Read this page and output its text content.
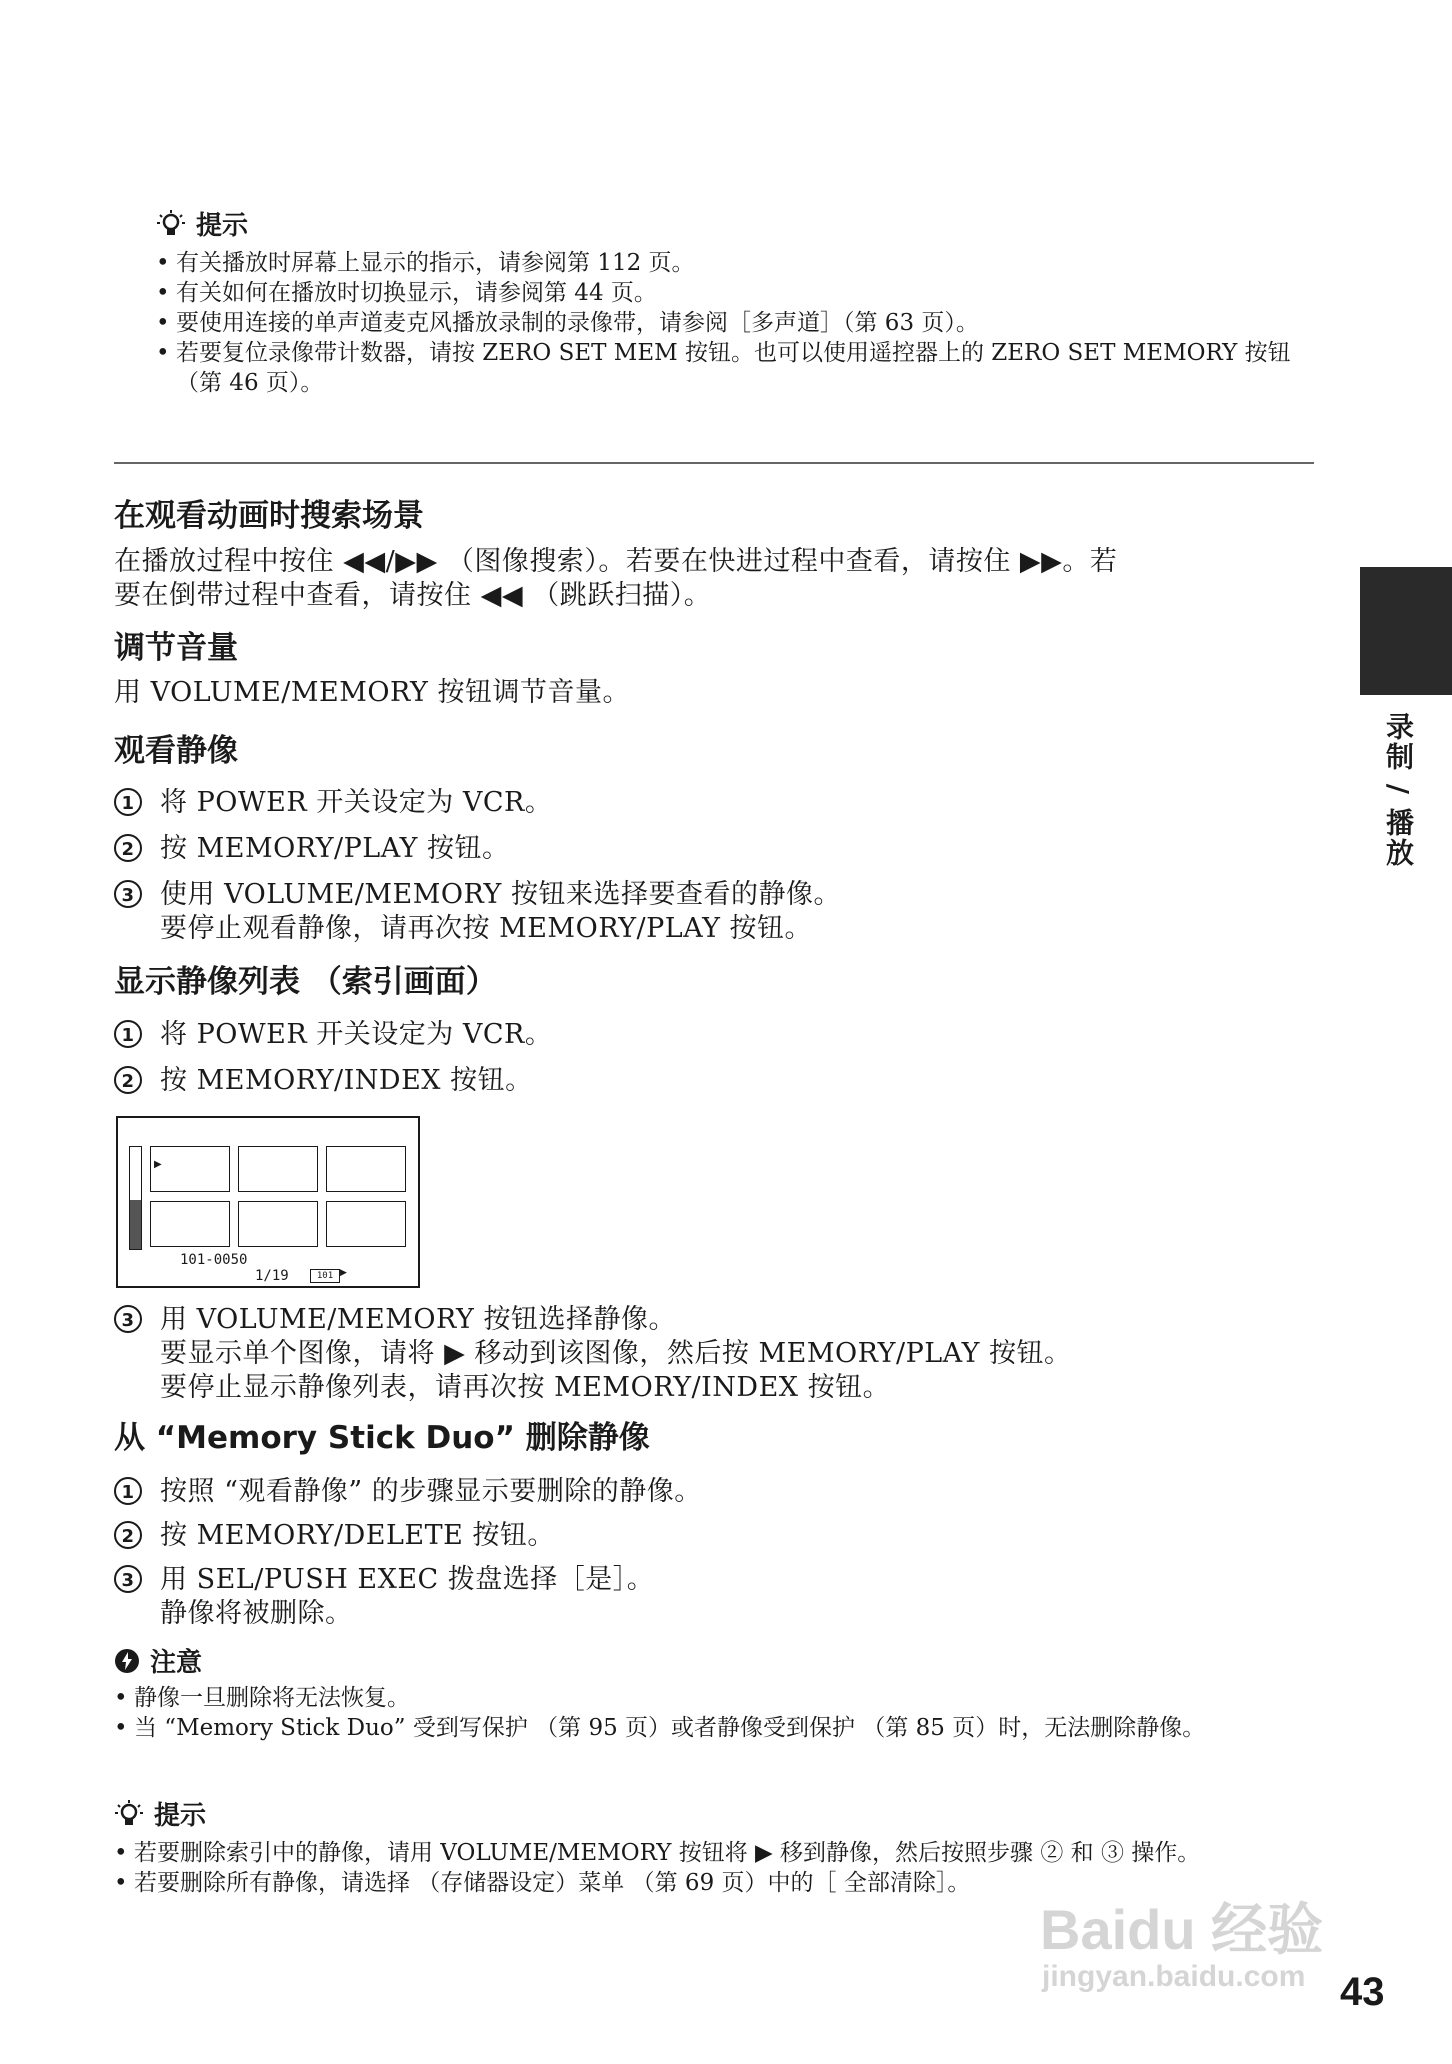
提示
• 有关播放时屏幕上显示的指示，请参阅第 112 页。
• 有关如何在播放时切换显示，请参阅第 44 页。
• 要使用连接的单声道麦克风播放录制的录像带，请参阅［多声道］（第 63 页）。
• 若要复位录像带计数器，请按 ZERO SET MEM 按钮。也可以使用遥控器上的 ZERO SET MEMORY 按钮 （第 46 页）。
在观看动画时搜索场景
在播放过程中按住 ◀◀/▶▶ （图像搜索）。若要在快进过程中查看，请按住 ▶▶。若
要在倒带过程中查看，请按住 ◀◀ （跳跃扫描）。
调节音量
用 VOLUME/MEMORY 按钮调节音量。
观看静像
1 将 POWER 开关设定为 VCR。
2 按 MEMORY/PLAY 按钮。
3 使用 VOLUME/MEMORY 按钮来选择要查看的静像。
要停止观看静像，请再次按 MEMORY/PLAY 按钮。
显示静像列表 （索引画面）
1 将 POWER 开关设定为 VCR。
2 按 MEMORY/INDEX 按钮。
▶
101-0050
1/19	101 ▶
3 用 VOLUME/MEMORY 按钮选择静像。
要显示单个图像，请将 ▶ 移动到该图像，然后按 MEMORY/PLAY 按钮。
要停止显示静像列表，请再次按 MEMORY/INDEX 按钮。
从 “Memory Stick Duo” 删除静像
1 按照 “观看静像” 的步骤显示要删除的静像。
2 按 MEMORY/DELETE 按钮。
3 用 SEL/PUSH EXEC 拨盘选择［是］。
静像将被删除。
注意
• 静像一旦删除将无法恢复。
• 当 “Memory Stick Duo” 受到写保护 （第 95 页）或者静像受到保护 （第 85 页）时，无法删除静像。
提示
• 若要删除索引中的静像，请用 VOLUME/MEMORY 按钮将 ▶ 移到静像，然后按照步骤 ② 和 ③ 操作。
• 若要删除所有静像，请选择 （存储器设定）菜单 （第 69 页）中的［ 全部清除］。
录制 / 播放
Baidu 经验
jingyan.baidu.com 43
